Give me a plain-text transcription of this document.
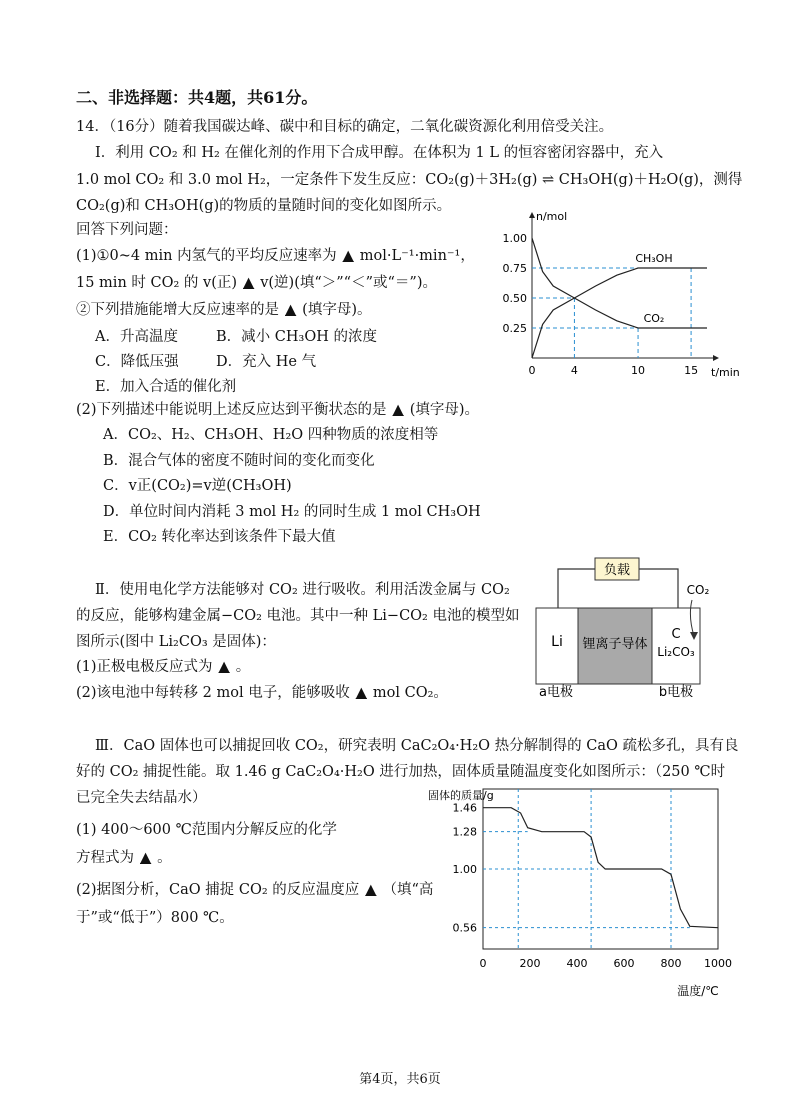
二、非选择题：共4题，共61分。
14．（16分）随着我国碳达峰、碳中和目标的确定，二氧化碳资源化利用倍受关注。
Ⅰ．利用 CO₂ 和 H₂ 在催化剂的作用下合成甲醇。在体积为 1 L 的恒容密闭容器中，充入
1.0 mol CO₂ 和 3.0 mol H₂，一定条件下发生反应：CO₂(g)＋3H₂(g) ⇌ CH₃OH(g)＋H₂O(g)，测得
CO₂(g)和 CH₃OH(g)的物质的量随时间的变化如图所示。
回答下列问题：
(1)①0~4 min 内氢气的平均反应速率为 ▲ mol·L⁻¹·min⁻¹，
15 min 时 CO₂ 的 v(正) ▲ v(逆)(填“＞”“＜”或“＝”)。
②下列措施能增大反应速率的是 ▲ (填字母)。
A．升高温度	B．减小 CH₃OH 的浓度
C．降低压强	D．充入 He 气
E．加入合适的催化剂
(2)下列描述中能说明上述反应达到平衡状态的是 ▲ (填字母)。
A．CO₂、H₂、CH₃OH、H₂O 四种物质的浓度相等
B．混合气体的密度不随时间的变化而变化
C．v正(CO₂)=v逆(CH₃OH)
D．单位时间内消耗 3 mol H₂ 的同时生成 1 mol CH₃OH
E．CO₂ 转化率达到该条件下最大值
n/mol
t/min
0.25
0.50
0.75
1.00
0	4	10	15
CH₃OH
CO₂
Ⅱ．使用电化学方法能够对 CO₂ 进行吸收。利用活泼金属与 CO₂
的反应，能够构建金属−CO₂ 电池。其中一种 Li−CO₂ 电池的模型如
图所示(图中 Li₂CO₃ 是固体)：
(1)正极电极反应式为 ▲ 。
(2)该电池中每转移 2 mol 电子，能够吸收 ▲ mol CO₂。
负载
Li 锂离子导体
C
Li₂CO₃
CO₂
a电极	b电极
Ⅲ．CaO 固体也可以捕捉回收 CO₂，研究表明 CaC₂O₄·H₂O 热分解制得的 CaO 疏松多孔，具有良
好的 CO₂ 捕捉性能。取 1.46 g CaC₂O₄·H₂O 进行加热，固体质量随温度变化如图所示：（250 ℃时
已完全失去结晶水）
(1) 400～600 ℃范围内分解反应的化学
方程式为 ▲ 。
(2)据图分析，CaO 捕捉 CO₂ 的反应温度应 ▲ （填“高
于”或“低于”）800 ℃。
固体的质量/g
温度/℃
0.56
1.00
1.28
1.46
0	200 400 600 800 1000
第4页，共6页
